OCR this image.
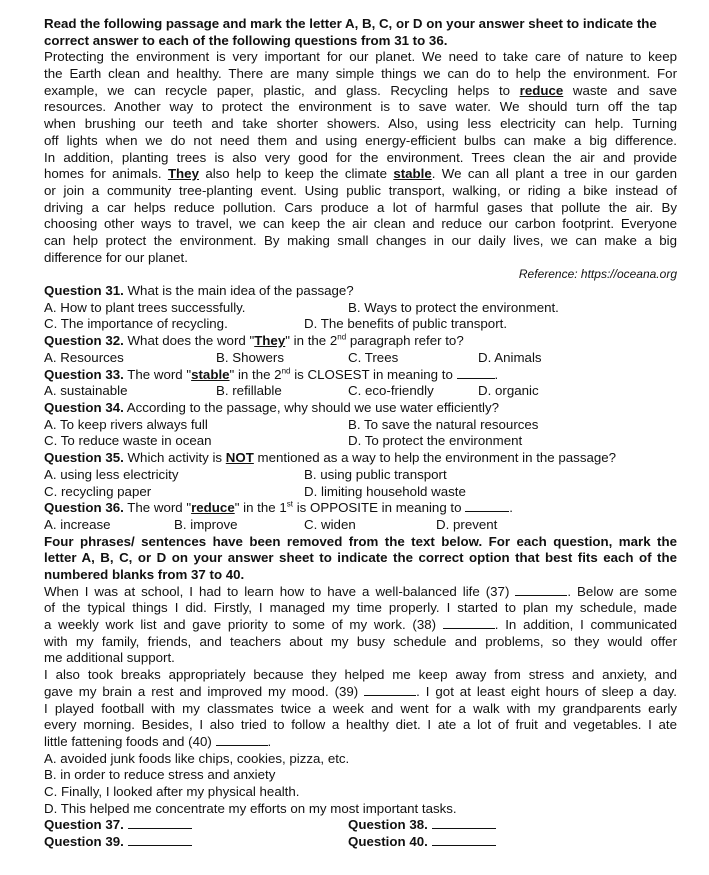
Read the following passage and mark the letter A, B, C, or D on your answer sheet to indicate the
correct answer to each of the following questions from 31 to 36.
Protecting the environment is very important for our planet. We need to take care of nature to keep
the Earth clean and healthy. There are many simple things we can do to help the environment. For
example, we can recycle paper, plastic, and glass. Recycling helps to reduce waste and save
resources. Another way to protect the environment is to save water. We should turn off the tap
when brushing our teeth and take shorter showers. Also, using less electricity can help. Turning
off lights when we do not need them and using energy-efficient bulbs can make a big difference.
In addition, planting trees is also very good for the environment. Trees clean the air and provide
homes for animals. They also help to keep the climate stable. We can all plant a tree in our garden
or join a community tree-planting event. Using public transport, walking, or riding a bike instead of
driving a car helps reduce pollution. Cars produce a lot of harmful gases that pollute the air. By
choosing other ways to travel, we can keep the air clean and reduce our carbon footprint. Everyone
can help protect the environment. By making small changes in our daily lives, we can make a big
difference for our planet.
Reference: https://oceana.org
Question 31. What is the main idea of the passage?
A. How to plant trees successfully.	B. Ways to protect the environment.
C. The importance of recycling.	D. The benefits of public transport.
Question 32. What does the word "They" in the 2nd paragraph refer to?
A. Resources	B. Showers	C. Trees	D. Animals
Question 33. The word "stable" in the 2nd is CLOSEST in meaning to	.
A. sustainable	B. refillable	C. eco-friendly	D. organic
Question 34. According to the passage, why should we use water efficiently?
A. To keep rivers always full	B. To save the natural resources
C. To reduce waste in ocean	D. To protect the environment
Question 35. Which activity is NOT mentioned as a way to help the environment in the passage?
A. using less electricity	B. using public transport
C. recycling paper	D. limiting household waste
Question 36. The word "reduce" in the 1st is OPPOSITE in meaning to	.
A. increase	B. improve	C. widen	D. prevent
Four phrases/ sentences have been removed from the text below. For each question, mark the
letter A, B, C, or D on your answer sheet to indicate the correct option that best fits each of the
numbered blanks from 37 to 40.
When I was at school, I had to learn how to have a well-balanced life (37)	. Below are some
of the typical things I did. Firstly, I managed my time properly. I started to plan my schedule, made
a weekly work list and gave priority to some of my work. (38)	. In addition, I communicated
with my family, friends, and teachers about my busy schedule and problems, so they would offer
me additional support.
I also took breaks appropriately because they helped me keep away from stress and anxiety, and
gave my brain a rest and improved my mood. (39)	. I got at least eight hours of sleep a day.
I played football with my classmates twice a week and went for a walk with my grandparents early
every morning. Besides, I also tried to follow a healthy diet. I ate a lot of fruit and vegetables. I ate
little fattening foods and (40)	.
A. avoided junk foods like chips, cookies, pizza, etc.
B. in order to reduce stress and anxiety
C. Finally, I looked after my physical health.
D. This helped me concentrate my efforts on my most important tasks.
Question 37.	Question 38.
Question 39.	Question 40.
